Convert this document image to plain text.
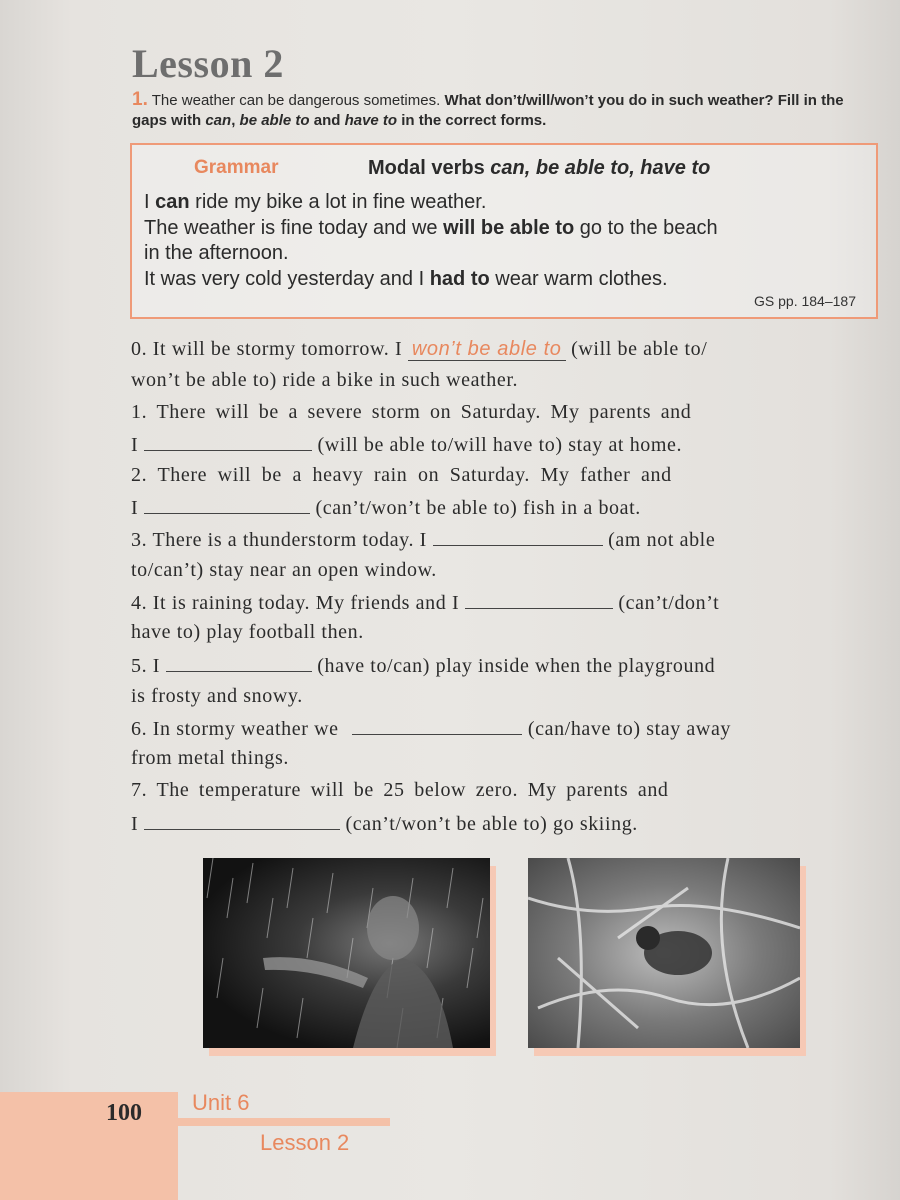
Lesson 2
1. The weather can be dangerous sometimes. What don’t/will/won’t you do in such weather? Fill in the gaps with can, be able to and have to in the correct forms.
Grammar	Modal verbs can, be able to, have to
I can ride my bike a lot in fine weather.
The weather is fine today and we will be able to go to the beach
in the afternoon.
It was very cold yesterday and I had to wear warm clothes.
GS pp. 184–187
0. It will be stormy tomorrow. I won’t be able to (will be able to/
won’t be able to) ride a bike in such weather.
1. There will be a severe storm on Saturday. My parents and
I	(will be able to/will have to) stay at home.
2. There will be a heavy rain on Saturday. My father and
I	(can’t/won’t be able to) fish in a boat.
3. There is a thunderstorm today. I	(am not able
to/can’t) stay near an open window.
4. It is raining today. My friends and I	(can’t/don’t
have to) play football then.
5. I	(have to/can) play inside when the playground
is frosty and snowy.
6. In stormy weather we	(can/have to) stay away
from metal things.
7. The temperature will be 25 below zero. My parents and
I	(can’t/won’t be able to) go skiing.
100 Unit 6
Lesson 2
